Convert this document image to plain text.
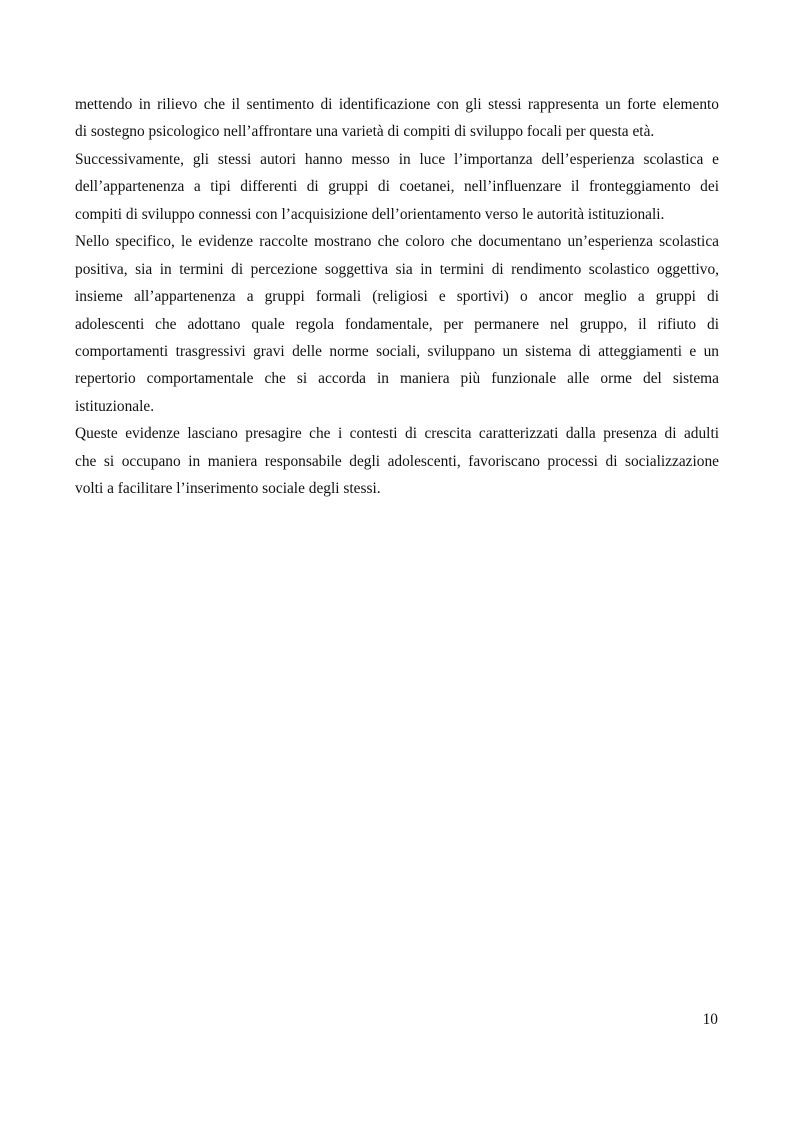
mettendo in rilievo che il sentimento di identificazione con gli stessi rappresenta un forte elemento
di sostegno psicologico nell’affrontare una varietà di compiti di sviluppo focali per questa età.
Successivamente, gli stessi autori hanno messo in luce l’importanza dell’esperienza scolastica e
dell’appartenenza a tipi differenti di gruppi di coetanei, nell’influenzare il fronteggiamento dei
compiti di sviluppo connessi con l’acquisizione dell’orientamento verso le autorità istituzionali.
Nello specifico, le evidenze raccolte mostrano che coloro che documentano un’esperienza scolastica
positiva, sia in termini di percezione soggettiva sia in termini di rendimento scolastico oggettivo,
insieme all’appartenenza a gruppi formali (religiosi e sportivi) o ancor meglio a gruppi di
adolescenti che adottano quale regola fondamentale, per permanere nel gruppo, il rifiuto di
comportamenti trasgressivi gravi delle norme sociali, sviluppano un sistema di atteggiamenti e un
repertorio comportamentale che si accorda in maniera più funzionale alle orme del sistema
istituzionale.
Queste evidenze lasciano presagire che i contesti di crescita caratterizzati dalla presenza di adulti
che si occupano in maniera responsabile degli adolescenti, favoriscano processi di socializzazione
volti a facilitare l’inserimento sociale degli stessi.
10
